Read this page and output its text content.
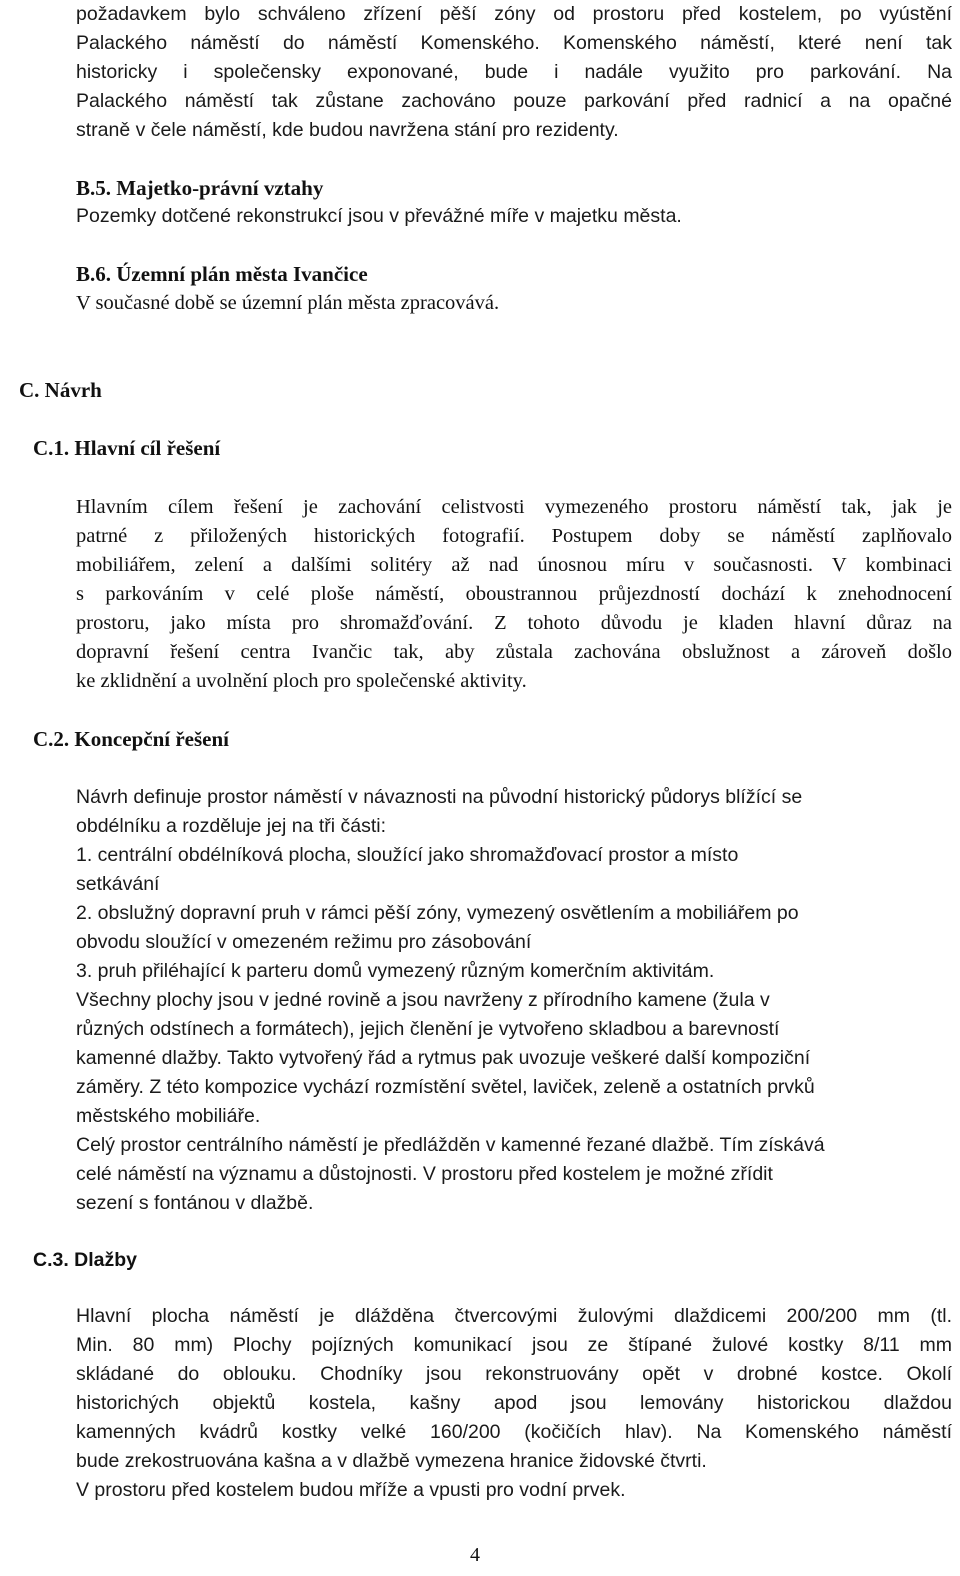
požadavkem bylo schváleno zřízení pěší zóny od prostoru před kostelem, po vyústění
Palackého náměstí do náměstí Komenského. Komenského náměstí, které není tak
historicky i společensky exponované, bude i nadále využito pro parkování. Na
Palackého náměstí tak zůstane zachováno pouze parkování před radnicí a na opačné
straně v čele náměstí, kde budou navržena stání pro rezidenty.
B.5. Majetko-právní vztahy
Pozemky dotčené rekonstrukcí jsou v převážné míře v majetku města.
B.6. Územní plán města Ivančice
V současné době se územní plán města zpracovává.
C. Návrh
C.1. Hlavní cíl řešení
Hlavním cílem řešení je zachování celistvosti vymezeného prostoru náměstí tak, jak je
patrné z přiložených historických fotografií. Postupem doby se náměstí zaplňovalo
mobiliářem, zelení a dalšími solitéry až nad únosnou míru v současnosti. V kombinaci
s parkováním v celé ploše náměstí, oboustrannou průjezdností dochází k znehodnocení
prostoru, jako místa pro shromažďování. Z tohoto důvodu je kladen hlavní důraz na
dopravní řešení centra Ivančic tak, aby zůstala zachována obslužnost a zároveň došlo
ke zklidnění a uvolnění ploch pro společenské aktivity.
C.2. Koncepční řešení
Návrh definuje prostor náměstí v návaznosti na původní historický půdorys blížící se
obdélníku a rozděluje jej na tři části:
1. centrální obdélníková plocha, sloužící jako shromažďovací prostor a místo
setkávání
2. obslužný dopravní pruh v rámci pěší zóny, vymezený osvětlením a mobiliářem po
obvodu sloužící v omezeném režimu pro zásobování
3. pruh přiléhající k parteru domů vymezený různým komerčním aktivitám.
Všechny plochy jsou v jedné rovině a jsou navrženy z přírodního kamene (žula v
různých odstínech a formátech), jejich členění je vytvořeno skladbou a barevností
kamenné dlažby. Takto vytvořený řád a rytmus pak uvozuje veškeré další kompoziční
záměry. Z této kompozice vychází rozmístění světel, laviček, zeleně a ostatních prvků
městského mobiliáře.
Celý prostor centrálního náměstí je předlážděn v kamenné řezané dlažbě. Tím získává
celé náměstí na významu a důstojnosti. V prostoru před kostelem je možné zřídit
sezení s fontánou v dlažbě.
C.3. Dlažby
Hlavní plocha náměstí je dlážděna čtvercovými žulovými dlaždicemi 200/200 mm (tl.
Min. 80 mm) Plochy pojízných komunikací jsou ze štípané žulové kostky 8/11 mm
skládané do oblouku. Chodníky jsou rekonstruovány opět v drobné kostce. Okolí
historichých objektů kostela, kašny apod jsou lemovány historickou dlaždou
kamenných kvádrů kostky velké 160/200 (kočičích hlav). Na Komenského náměstí
bude zrekostruována kašna a v dlažbě vymezena hranice židovské čtvrti.
V prostoru před kostelem budou mříže a vpusti pro vodní prvek.
4
